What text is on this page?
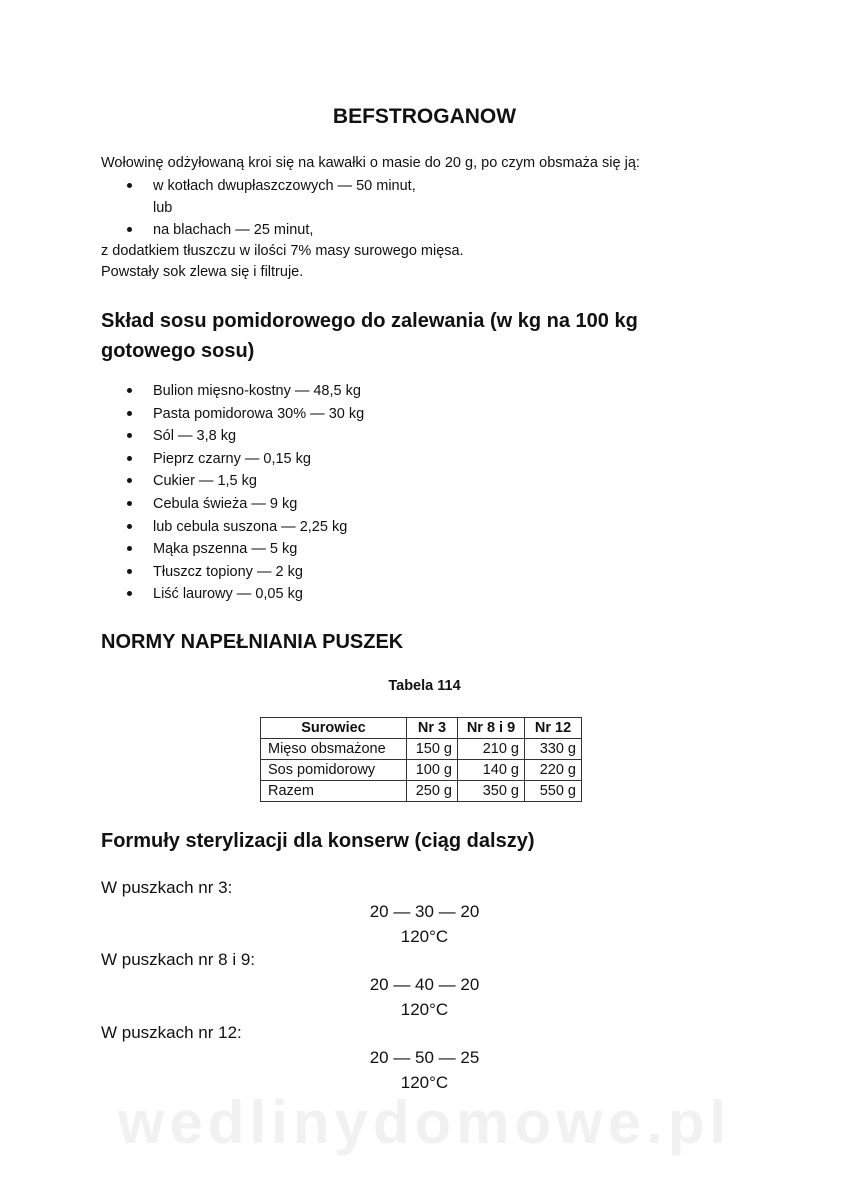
BEFSTROGANOW
Wołowinę odżyłowaną kroi się na kawałki o masie do 20 g, po czym obsmaża się ją:
w kotłach dwupłaszczowych — 50 minut,
lub
na blachach — 25 minut,
z dodatkiem tłuszczu w ilości 7% masy surowego mięsa.
Powstały sok zlewa się i filtruje.
Skład sosu pomidorowego do zalewania (w kg na 100 kg
gotowego sosu)
Bulion mięsno-kostny — 48,5 kg
Pasta pomidorowa 30% — 30 kg
Sól — 3,8 kg
Pieprz czarny — 0,15 kg
Cukier — 1,5 kg
Cebula świeża — 9 kg
lub cebula suszona — 2,25 kg
Mąka pszenna — 5 kg
Tłuszcz topiony — 2 kg
Liść laurowy — 0,05 kg
NORMY NAPEŁNIANIA PUSZEK
Tabela 114
Surowiec	Nr 3	Nr 8 i 9	Nr 12
Mięso obsmażone	150 g	210 g	330 g
Sos pomidorowy	100 g	140 g	220 g
Razem	250 g	350 g	550 g
Formuły sterylizacji dla konserw (ciąg dalszy)
W puszkach nr 3:
20 — 30 — 20
120°C
W puszkach nr 8 i 9:
20 — 40 — 20
120°C
W puszkach nr 12:
20 — 50 — 25
120°C
wedlinydomowe.pl
